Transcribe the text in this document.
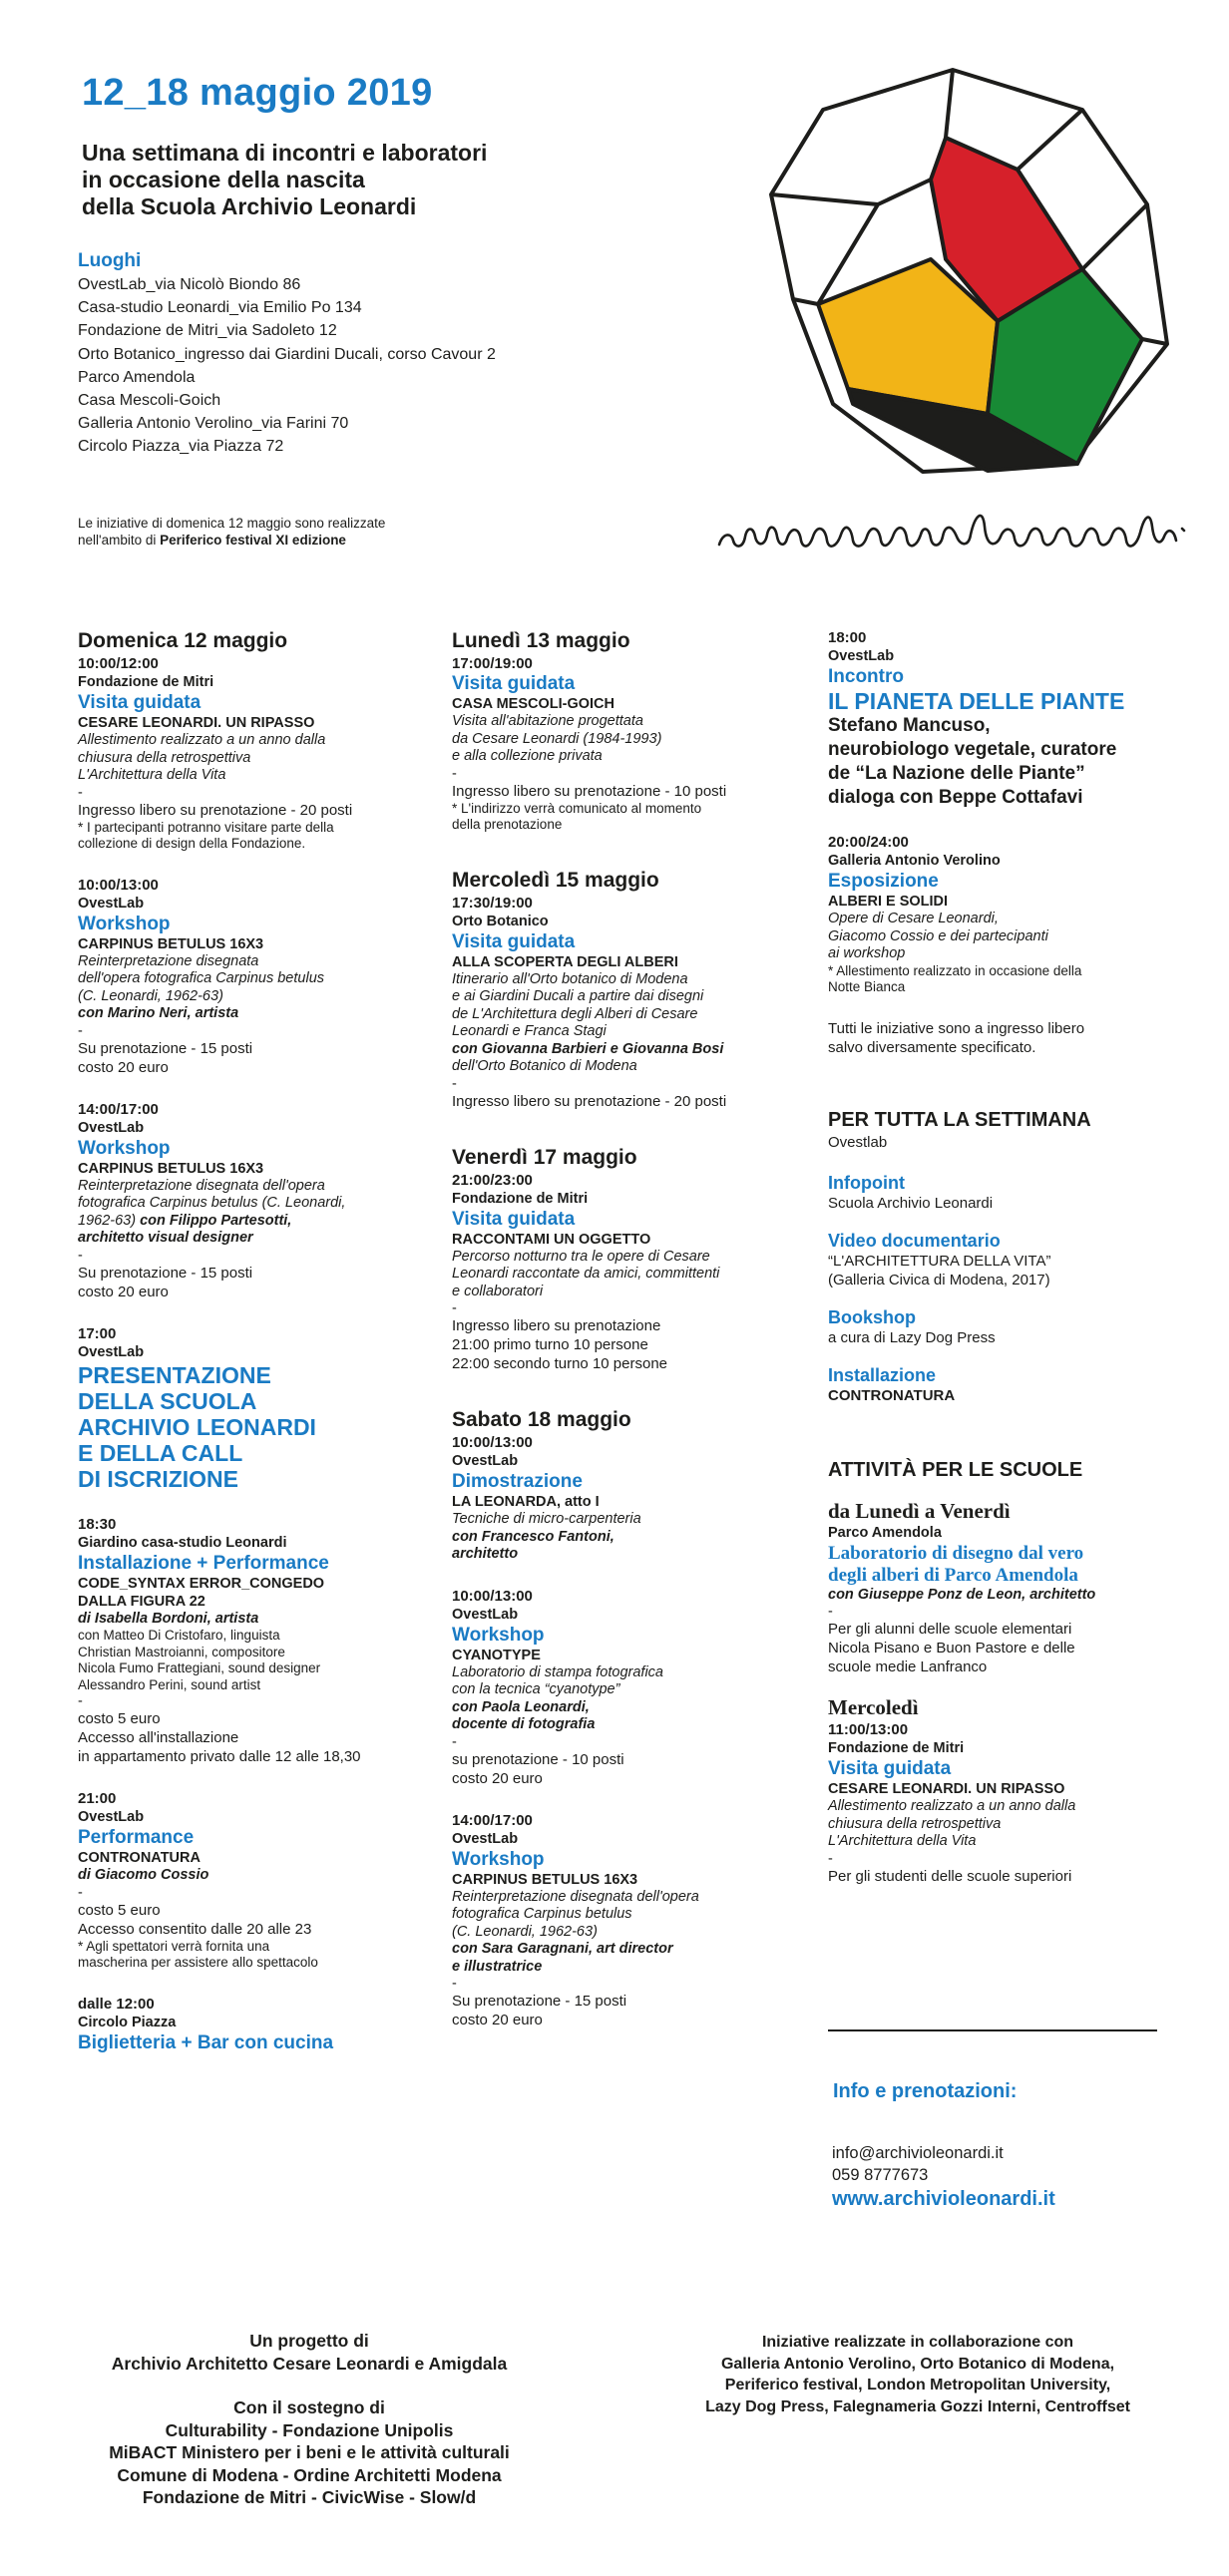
12_18 maggio 2019
Una settimana di incontri e laboratori
in occasione della nascita
della Scuola Archivio Leonardi
Luoghi
OvestLab_via Nicolò Biondo 86
Casa-studio Leonardi_via Emilio Po 134
Fondazione de Mitri_via Sadoleto 12
Orto Botanico_ingresso dai Giardini Ducali, corso Cavour 2
Parco Amendola
Casa Mescoli-Goich
Galleria Antonio Verolino_via Farini 70
Circolo Piazza_via Piazza 72
Le iniziative di domenica 12 maggio sono realizzate
nell'ambito di Periferico festival XI edizione
Domenica 12 maggio
10:00/12:00
Fondazione de Mitri
Visita guidata
CESARE LEONARDI. UN RIPASSO
Allestimento realizzato a un anno dalla
chiusura della retrospettiva
L'Architettura della Vita
-
Ingresso libero su prenotazione - 20 posti
* I partecipanti potranno visitare parte della
collezione di design della Fondazione.
10:00/13:00
OvestLab
Workshop
CARPINUS BETULUS 16X3
Reinterpretazione disegnata
dell'opera fotografica Carpinus betulus
(C. Leonardi, 1962-63)
con Marino Neri, artista
-
Su prenotazione - 15 posti
costo 20 euro
14:00/17:00
OvestLab
Workshop
CARPINUS BETULUS 16X3
Reinterpretazione disegnata dell'opera
fotografica Carpinus betulus (C. Leonardi,
1962-63) con Filippo Partesotti,
architetto visual designer
-
Su prenotazione - 15 posti
costo 20 euro
17:00
OvestLab
PRESENTAZIONE
DELLA SCUOLA
ARCHIVIO LEONARDI
E DELLA CALL
DI ISCRIZIONE
18:30
Giardino casa-studio Leonardi
Installazione + Performance
CODE_SYNTAX ERROR_CONGEDO
DALLA FIGURA 22
di Isabella Bordoni, artista
con Matteo Di Cristofaro, linguista
Christian Mastroianni, compositore
Nicola Fumo Frattegiani, sound designer
Alessandro Perini, sound artist
-
costo 5 euro
Accesso all'installazione
in appartamento privato dalle 12 alle 18,30
21:00
OvestLab
Performance
CONTRONATURA
di Giacomo Cossio
-
costo 5 euro
Accesso consentito dalle 20 alle 23
* Agli spettatori verrà fornita una
mascherina per assistere allo spettacolo
dalle 12:00
Circolo Piazza
Biglietteria + Bar con cucina
Lunedì 13 maggio
17:00/19:00
Visita guidata
CASA MESCOLI-GOICH
Visita all'abitazione progettata
da Cesare Leonardi (1984-1993)
e alla collezione privata
-
Ingresso libero su prenotazione - 10 posti
* L'indirizzo verrà comunicato al momento
della prenotazione
Mercoledì 15 maggio
17:30/19:00
Orto Botanico
Visita guidata
ALLA SCOPERTA DEGLI ALBERI
Itinerario all'Orto botanico di Modena
e ai Giardini Ducali a partire dai disegni
de L'Architettura degli Alberi di Cesare
Leonardi e Franca Stagi
con Giovanna Barbieri e Giovanna Bosi
dell'Orto Botanico di Modena
-
Ingresso libero su prenotazione - 20 posti
Venerdì 17 maggio
21:00/23:00
Fondazione de Mitri
Visita guidata
RACCONTAMI UN OGGETTO
Percorso notturno tra le opere di Cesare
Leonardi raccontate da amici, committenti
e collaboratori
-
Ingresso libero su prenotazione
21:00 primo turno 10 persone
22:00 secondo turno 10 persone
Sabato 18 maggio
10:00/13:00
OvestLab
Dimostrazione
LA LEONARDA, atto I
Tecniche di micro-carpenteria
con Francesco Fantoni,
architetto
10:00/13:00
OvestLab
Workshop
CYANOTYPE
Laboratorio di stampa fotografica
con la tecnica “cyanotype”
con Paola Leonardi,
docente di fotografia
-
su prenotazione - 10 posti
costo 20 euro
14:00/17:00
OvestLab
Workshop
CARPINUS BETULUS 16X3
Reinterpretazione disegnata dell'opera
fotografica Carpinus betulus
(C. Leonardi, 1962-63)
con Sara Garagnani, art director
e illustratrice
-
Su prenotazione - 15 posti
costo 20 euro
18:00
OvestLab
Incontro
IL PIANETA DELLE PIANTE
Stefano Mancuso,
neurobiologo vegetale, curatore
de “La Nazione delle Piante”
dialoga con Beppe Cottafavi
20:00/24:00
Galleria Antonio Verolino
Esposizione
ALBERI E SOLIDI
Opere di Cesare Leonardi,
Giacomo Cossio e dei partecipanti
ai workshop
* Allestimento realizzato in occasione della
Notte Bianca
Tutti le iniziative sono a ingresso libero
salvo diversamente specificato.
PER TUTTA LA SETTIMANA
Ovestlab
Infopoint
Scuola Archivio Leonardi
Video documentario
“L'ARCHITETTURA DELLA VITA”
(Galleria Civica di Modena, 2017)
Bookshop
a cura di Lazy Dog Press
Installazione
CONTRONATURA
ATTIVITÀ PER LE SCUOLE
da Lunedì a Venerdì
Parco Amendola
Laboratorio di disegno dal vero
degli alberi di Parco Amendola
con Giuseppe Ponz de Leon, architetto
-
Per gli alunni delle scuole elementari
Nicola Pisano e Buon Pastore e delle
scuole medie Lanfranco
Mercoledì
11:00/13:00
Fondazione de Mitri
Visita guidata
CESARE LEONARDI. UN RIPASSO
Allestimento realizzato a un anno dalla
chiusura della retrospettiva
L'Architettura della Vita
-
Per gli studenti delle scuole superiori
Info e prenotazioni:
info@archivioleonardi.it
059 8777673
www.archivioleonardi.it
Un progetto di
Archivio Architetto Cesare Leonardi e Amigdala
Con il sostegno di
Culturability - Fondazione Unipolis
MiBACT Ministero per i beni e le attività culturali
Comune di Modena - Ordine Architetti Modena
Fondazione de Mitri - CivicWise - Slow/d
Iniziative realizzate in collaborazione con
Galleria Antonio Verolino, Orto Botanico di Modena,
Periferico festival, London Metropolitan University,
Lazy Dog Press, Falegnameria Gozzi Interni, Centroffset
